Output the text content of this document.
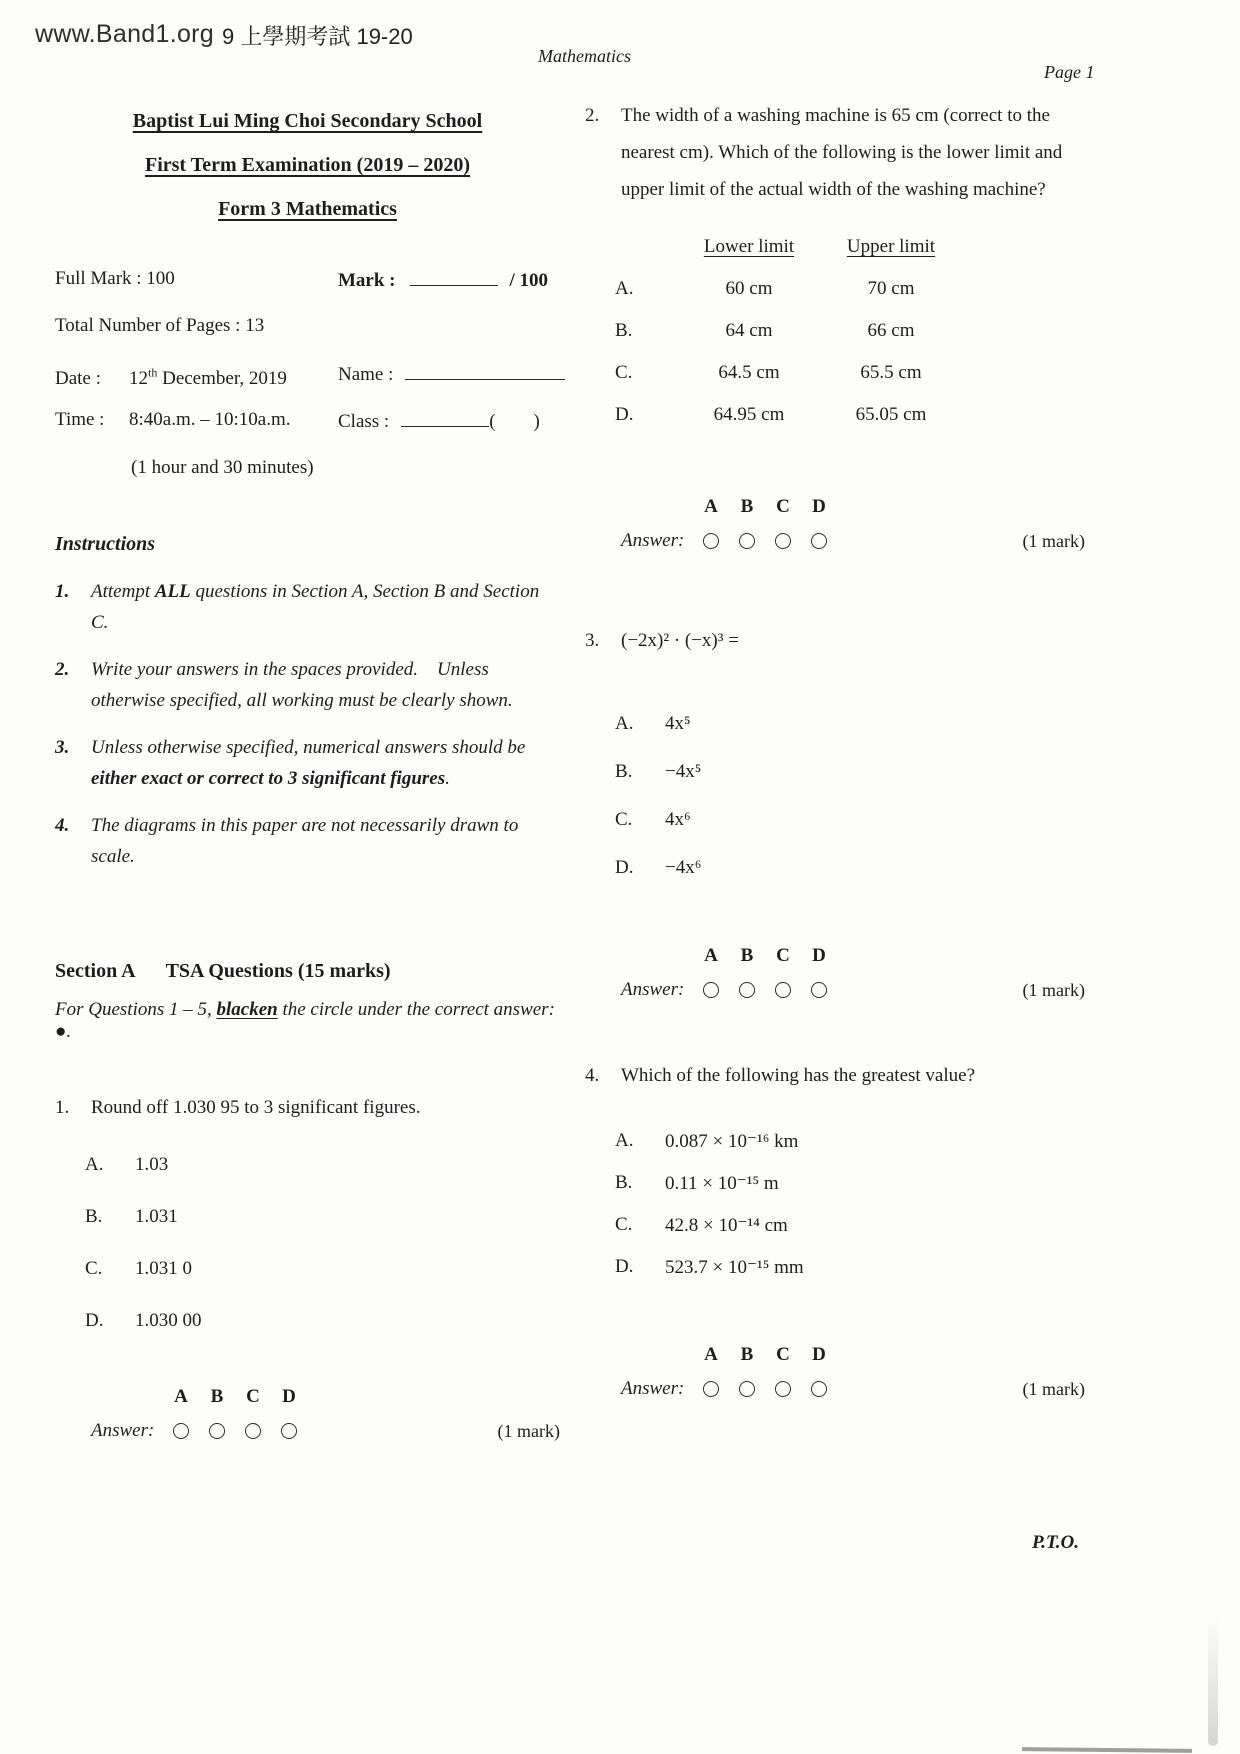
www.Band1.org 9 上學期考試 19-20
Mathematics
Page 1
Baptist Lui Ming Choi Secondary School
First Term Examination (2019 – 2020)
Form 3 Mathematics
Full Mark : 100	Mark :	/ 100
Total Number of Pages : 13
Date : 12th December, 2019	Name :
Time : 8:40a.m. – 10:10a.m.	Class :	( )
(1 hour and 30 minutes)
Instructions
1.	Attempt ALL questions in Section A, Section B and Section C.
2.	Write your answers in the spaces provided.    Unless otherwise specified, all working must be clearly shown.
3.	Unless otherwise specified, numerical answers should be either exact or correct to 3 significant figures.
4.	The diagrams in this paper are not necessarily drawn to scale.
Section A TSA Questions (15 marks)

For Questions 1 – 5, blacken the circle under the correct answer: ●.

1.	Round off 1.030 95 to 3 significant figures.
A.	1.03
B.	1.031
C.	1.031 0
D.	1.030 00
A B C D
Answer:	(1 mark)
2.	The width of a washing machine is 65 cm (correct to the nearest cm). Which of the following is the lower limit and upper limit of the actual width of the washing machine?
Lower limit	Upper limit
A.	60 cm	70 cm
B.	64 cm	66 cm
C.	64.5 cm	65.5 cm
D.	64.95 cm	65.05 cm
A B C D
Answer:	(1 mark)
3.	(−2x)² · (−x)³ =
A.	4x⁵
B.	−4x⁵
C.	4x⁶
D.	−4x⁶
A B C D
Answer:	(1 mark)
4.	Which of the following has the greatest value?
A.	0.087 × 10⁻¹⁶ km
B.	0.11 × 10⁻¹⁵ m
C.	42.8 × 10⁻¹⁴ cm
D.	523.7 × 10⁻¹⁵ mm
A B C D
Answer:	(1 mark)
P.T.O.
